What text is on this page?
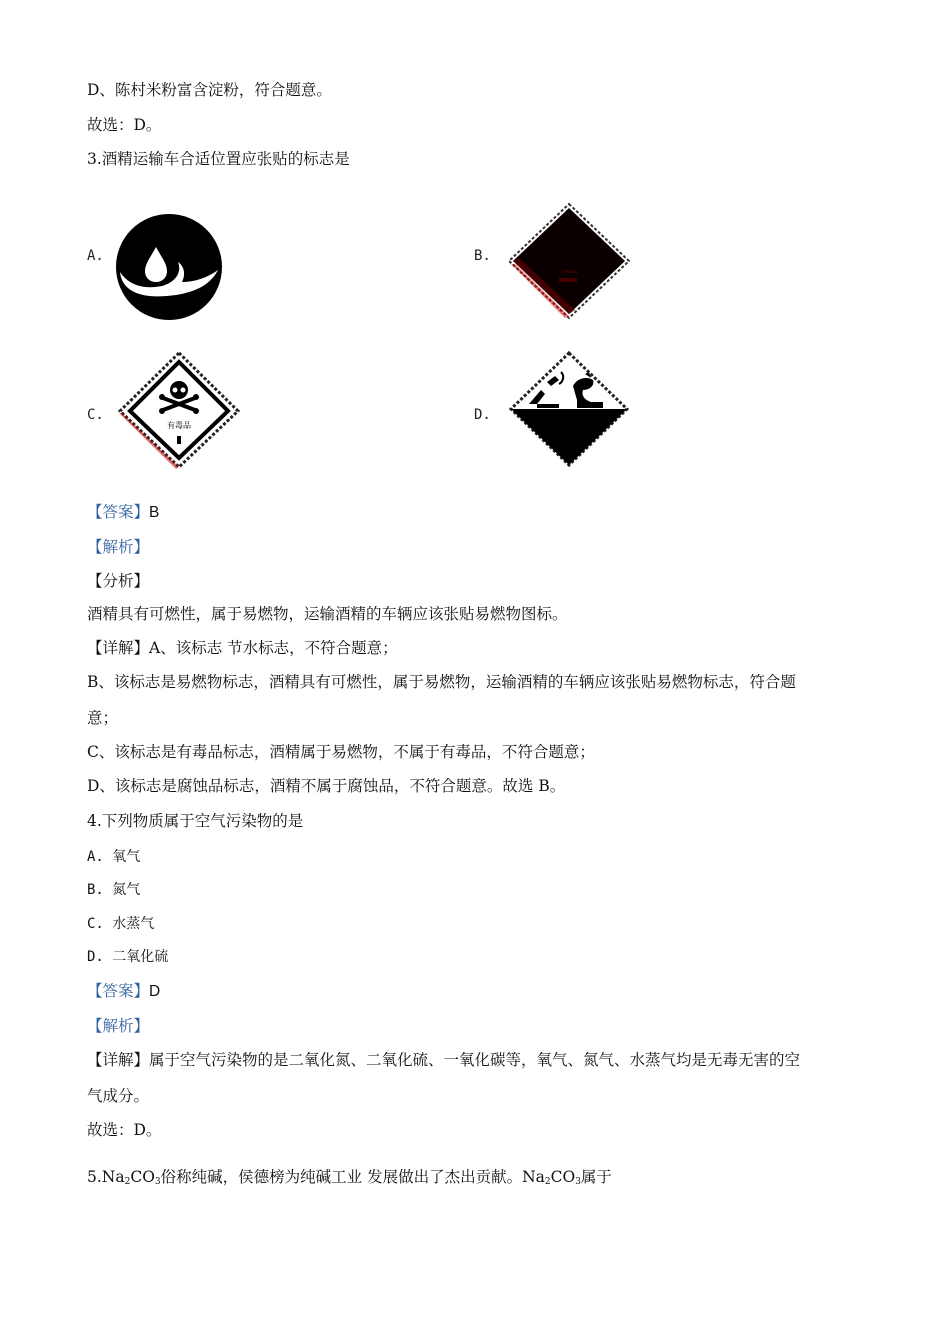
D、陈村米粉富含淀粉，符合题意。
故选：D。
3.酒精运输车合适位置应张贴的标志是
A.	B.
C.	D.
有毒品
【答案】B
【解析】
【分析】
酒精具有可燃性，属于易燃物，运输酒精的车辆应该张贴易燃物图标。
【详解】A、该标志 节水标志，不符合题意；
B、该标志是易燃物标志，酒精具有可燃性，属于易燃物，运输酒精的车辆应该张贴易燃物标志，符合题
意；
C、该标志是有毒品标志，酒精属于易燃物，不属于有毒品，不符合题意；
D、该标志是腐蚀品标志，酒精不属于腐蚀品，不符合题意。故选 B。
4.下列物质属于空气污染物的是
A. 氧气
B. 氮气
C. 水蒸气
D. 二氧化硫
【答案】D
【解析】
【详解】属于空气污染物的是二氧化氮、二氧化硫、一氧化碳等，氧气、氮气、水蒸气均是无毒无害的空
气成分。
故选：D。
$5.Na_2CO_3$俗称纯碱，侯德榜为纯碱工业 发展做出了杰出贡献。$Na_2CO_3$属于
